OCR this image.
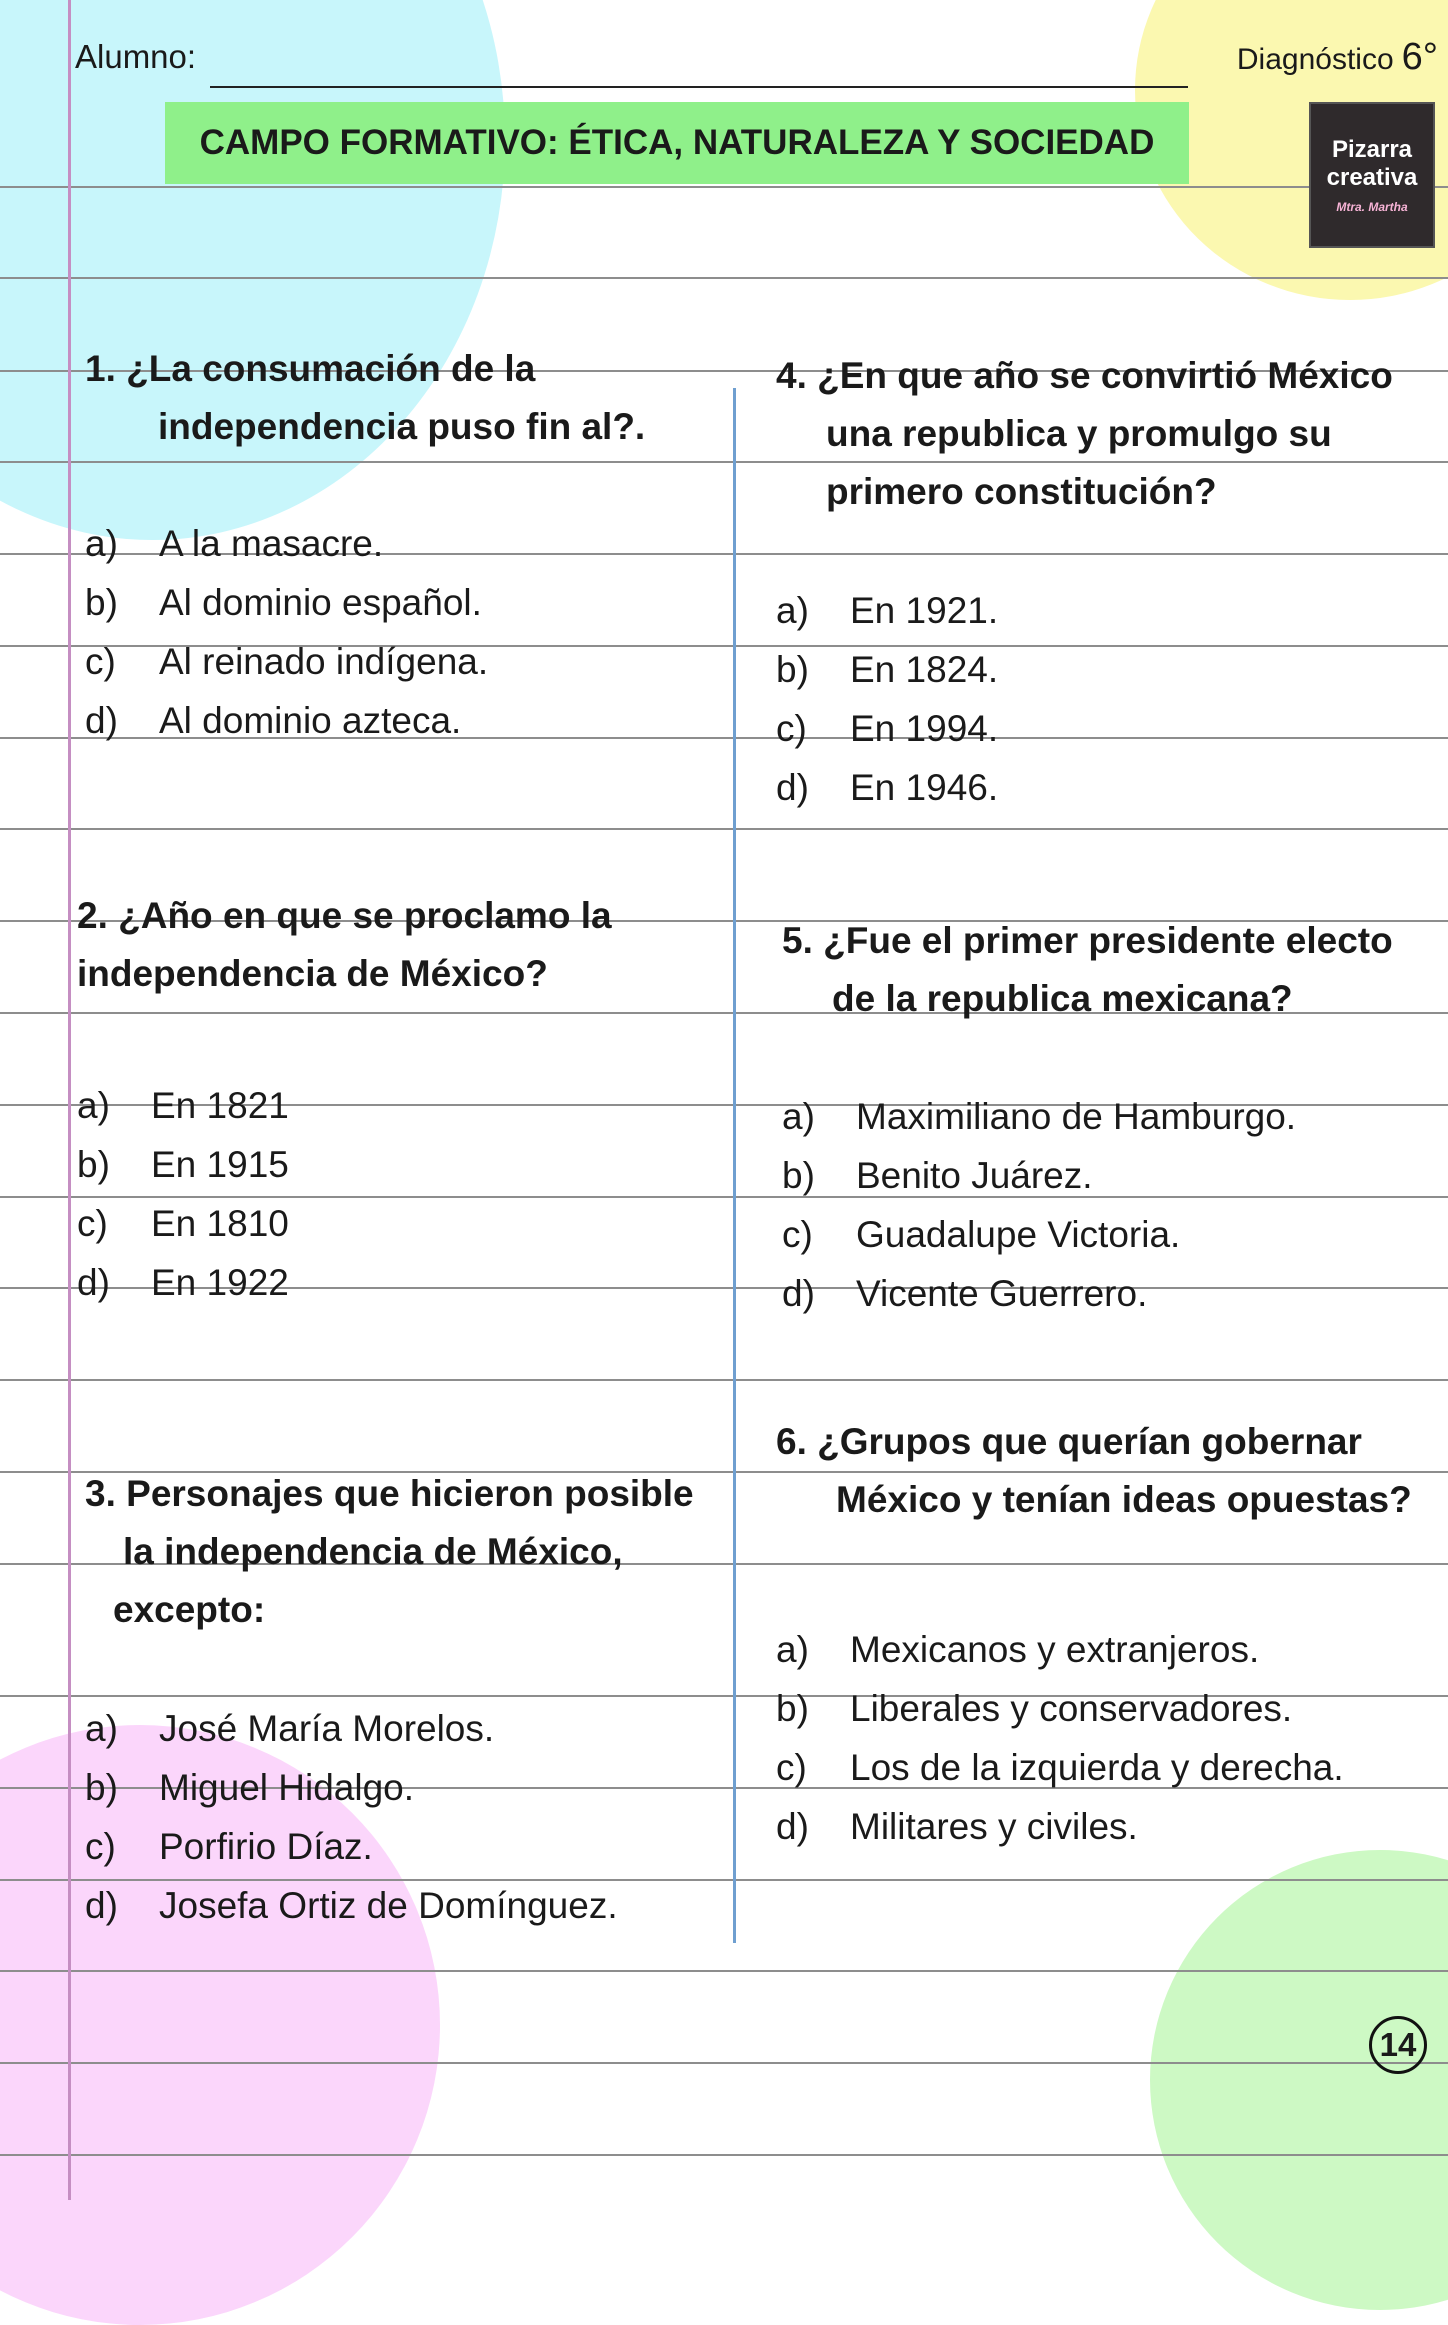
Alumno:	Diagnóstico 6°
CAMPO FORMATIVO: ÉTICA, NATURALEZA Y SOCIEDAD	Pizarra
creativa
Mtra. Martha
1. ¿La consumación de la
independencia puso fin al?.
a)	A la masacre.
b)	Al dominio español.
c)	Al reinado indígena.
d)	Al dominio azteca.
2. ¿Año en que se proclamo la
independencia de México?
a)	En 1821
b)	En 1915
c)	En 1810
d)	En 1922
3. Personajes que hicieron posible
la independencia de México,
excepto:
a)	José María Morelos.
b)	Miguel Hidalgo.
c)	Porfirio Díaz.
d)	Josefa Ortiz de Domínguez.
4. ¿En que año se convirtió México
una republica y promulgo su
primero constitución?
a)	En 1921.
b)	En 1824.
c)	En 1994.
d)	En 1946.
5. ¿Fue el primer presidente electo
de la republica mexicana?
a)	Maximiliano de Hamburgo.
b)	Benito Juárez.
c)	Guadalupe Victoria.
d)	Vicente Guerrero.
6. ¿Grupos que querían gobernar
México y tenían ideas opuestas?
a)	Mexicanos y extranjeros.
b)	Liberales y conservadores.
c)	Los de la izquierda y derecha.
d)	Militares y civiles.
14
